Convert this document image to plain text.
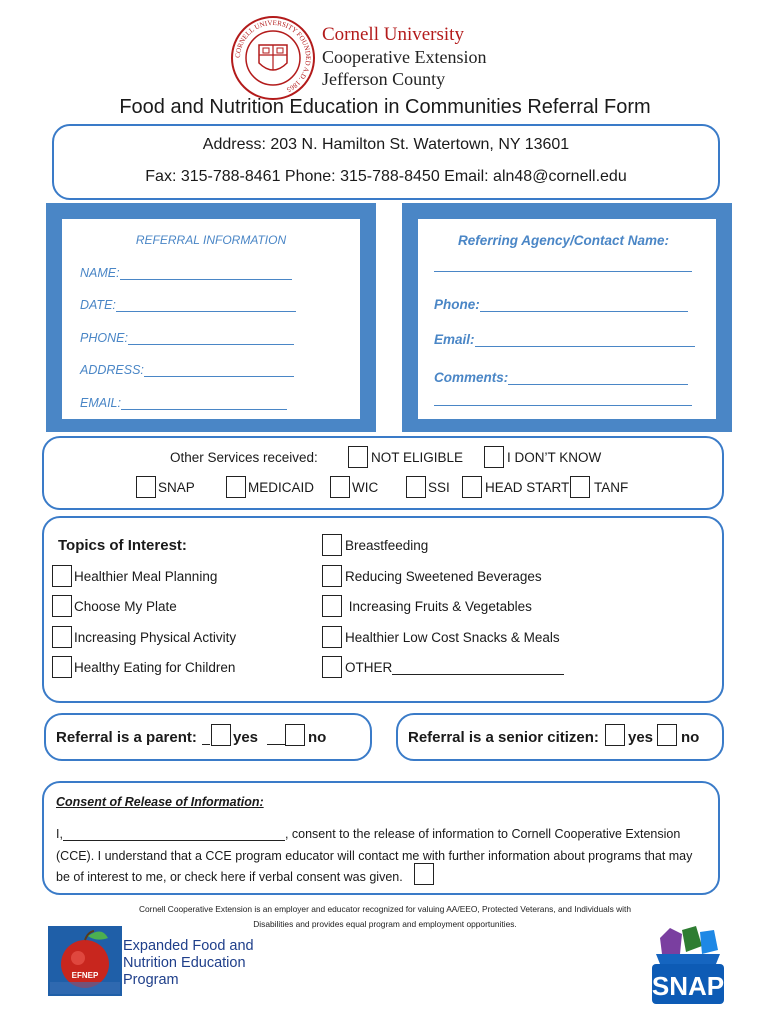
CORNELL UNIVERSITY FOUNDED A.D. 1865
Cornell University
Cooperative Extension
Jefferson County
Food and Nutrition Education in Communities Referral Form
Address: 203 N. Hamilton St. Watertown, NY 13601
Fax: 315-788-8461 Phone: 315-788-8450 Email: aln48@cornell.edu
REFERRAL INFORMATION
NAME:
DATE:
PHONE:
ADDRESS:
EMAIL:
Referring Agency/Contact Name:
Phone:
Email:
Comments:
Other Services received:	NOT ELIGIBLE	I DON’T KNOW
SNAP	MEDICAID	WIC	SSI	HEAD START TANF
Topics of Interest:
Healthier Meal Planning
Choose My Plate
Increasing Physical Activity
Healthy Eating for Children
Breastfeeding
Reducing Sweetened Beverages
Increasing Fruits & Vegetables
Healthier Low Cost Snacks & Meals
OTHER
Referral is a parent: yes	no	Referral is a senior citizen: yes no
Consent of Release of Information:
I,	, consent to the release of information to Cornell Cooperative Extension
(CCE). I understand that a CCE program educator will contact me with further information about programs that may
be of interest to me, or check here if verbal consent was given.
Cornell Cooperative Extension is an employer and educator recognized for valuing AA/EEO, Protected Veterans, and Individuals with
Disabilities and provides equal program and employment opportunities.
EFNEP
Expanded Food and
Nutrition Education
Program	SNAP
